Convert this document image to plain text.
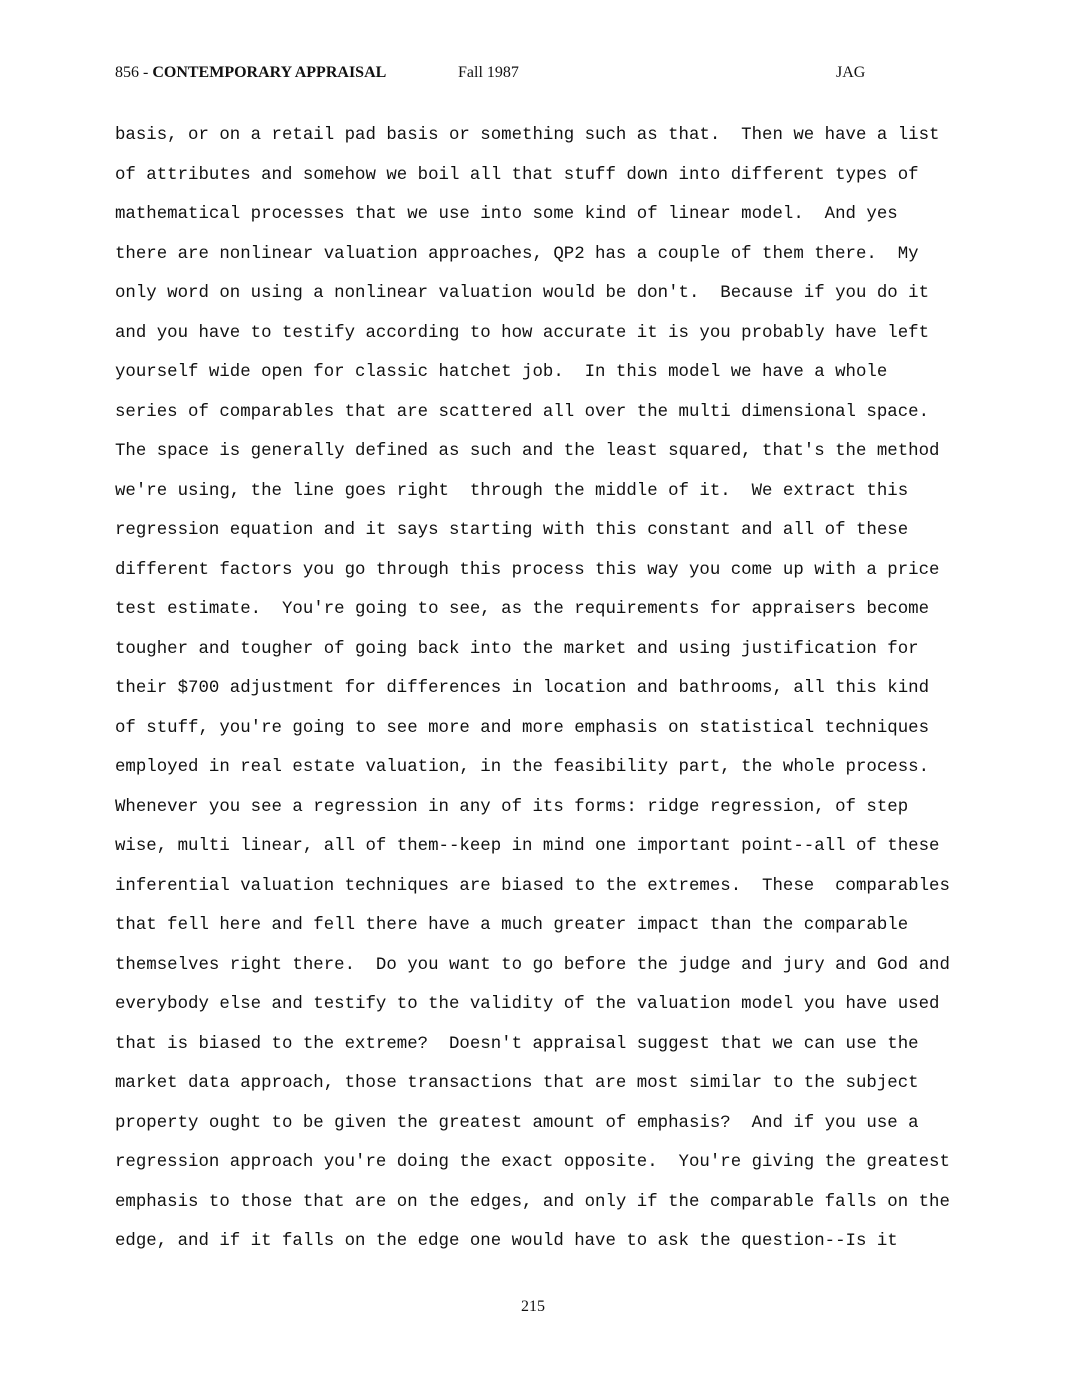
856 - CONTEMPORARY APPRAISAL	Fall 1987	JAG
basis, or on a retail pad basis or something such as that.  Then we have a list
of attributes and somehow we boil all that stuff down into different types of
mathematical processes that we use into some kind of linear model.  And yes
there are nonlinear valuation approaches, QP2 has a couple of them there.  My
only word on using a nonlinear valuation would be don't.  Because if you do it
and you have to testify according to how accurate it is you probably have left
yourself wide open for classic hatchet job.  In this model we have a whole
series of comparables that are scattered all over the multi dimensional space.
The space is generally defined as such and the least squared, that's the method
we're using, the line goes right  through the middle of it.  We extract this
regression equation and it says starting with this constant and all of these
different factors you go through this process this way you come up with a price
test estimate.  You're going to see, as the requirements for appraisers become
tougher and tougher of going back into the market and using justification for
their $700 adjustment for differences in location and bathrooms, all this kind
of stuff, you're going to see more and more emphasis on statistical techniques
employed in real estate valuation, in the feasibility part, the whole process.
Whenever you see a regression in any of its forms: ridge regression, of step
wise, multi linear, all of them--keep in mind one important point--all of these
inferential valuation techniques are biased to the extremes.  These  comparables
that fell here and fell there have a much greater impact than the comparable
themselves right there.  Do you want to go before the judge and jury and God and
everybody else and testify to the validity of the valuation model you have used
that is biased to the extreme?  Doesn't appraisal suggest that we can use the
market data approach, those transactions that are most similar to the subject
property ought to be given the greatest amount of emphasis?  And if you use a
regression approach you're doing the exact opposite.  You're giving the greatest
emphasis to those that are on the edges, and only if the comparable falls on the
edge, and if it falls on the edge one would have to ask the question--Is it
215
